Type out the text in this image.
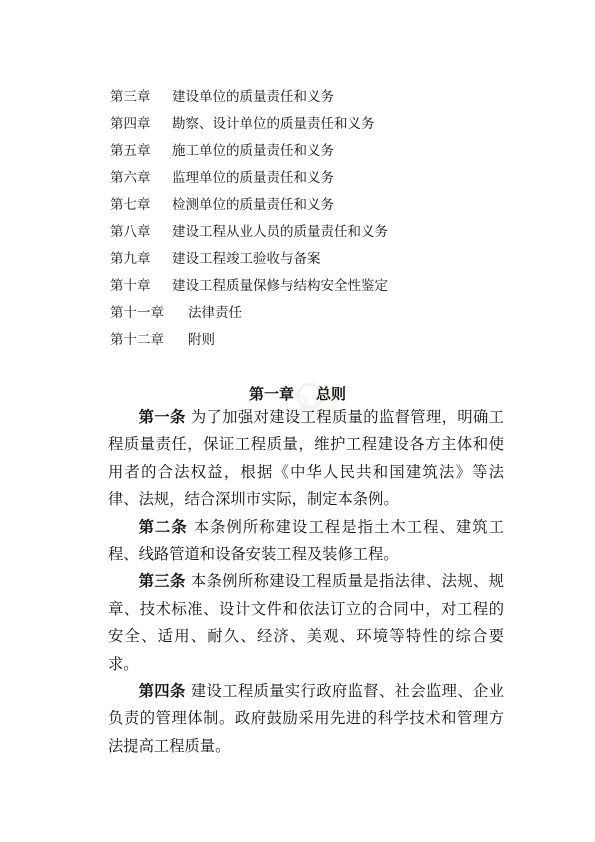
第三章 建设单位的质量责任和义务
第四章 勘察、设计单位的质量责任和义务
第五章 施工单位的质量责任和义务
第六章 监理单位的质量责任和义务
第七章 检测单位的质量责任和义务
第八章 建设工程从业人员的质量责任和义务
第九章 建设工程竣工验收与备案
第十章 建设工程质量保修与结构安全性鉴定
第十一章 法律责任
第十二章 附则
第一章 总则

第一条 为了加强对建设工程质量的监督管理，明确工程质量责任，保证工程质量，维护工程建设各方主体和使用者的合法权益，根据《中华人民共和国建筑法》等法律、法规，结合深圳市实际，制定本条例。

第二条 本条例所称建设工程是指土木工程、建筑工程、线路管道和设备安装工程及装修工程。

第三条 本条例所称建设工程质量是指法律、法规、规章、技术标准、设计文件和依法订立的合同中，对工程的安全、适用、耐久、经济、美观、环境等特性的综合要求。

第四条 建设工程质量实行政府监督、社会监理、企业负责的管理体制。政府鼓励采用先进的科学技术和管理方法提高工程质量。
